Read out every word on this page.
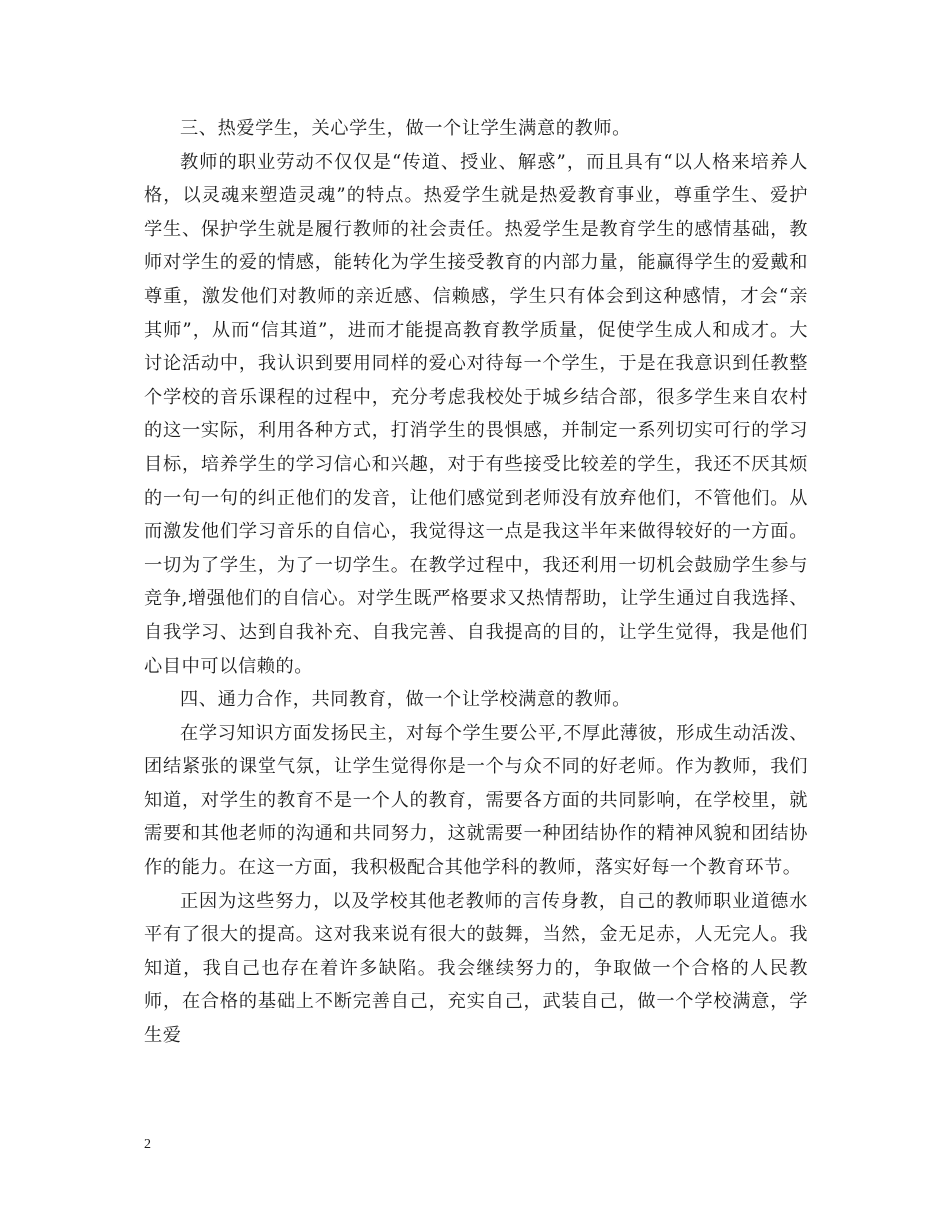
三、热爱学生，关心学生，做一个让学生满意的教师。

教师的职业劳动不仅仅是“传道、授业、解惑”，而且具有“以人格来培养人格，以灵魂来塑造灵魂”的特点。热爱学生就是热爱教育事业，尊重学生、爱护学生、保护学生就是履行教师的社会责任。热爱学生是教育学生的感情基础，教师对学生的爱的情感，能转化为学生接受教育的内部力量，能赢得学生的爱戴和尊重，激发他们对教师的亲近感、信赖感，学生只有体会到这种感情，才会“亲其师”，从而“信其道”，进而才能提高教育教学质量，促使学生成人和成才。大讨论活动中，我认识到要用同样的爱心对待每一个学生，于是在我意识到任教整个学校的音乐课程的过程中，充分考虑我校处于城乡结合部，很多学生来自农村的这一实际，利用各种方式，打消学生的畏惧感，并制定一系列切实可行的学习目标，培养学生的学习信心和兴趣，对于有些接受比较差的学生，我还不厌其烦的一句一句的纠正他们的发音，让他们感觉到老师没有放弃他们，不管他们。从而激发他们学习音乐的自信心，我觉得这一点是我这半年来做得较好的一方面。一切为了学生，为了一切学生。在教学过程中，我还利用一切机会鼓励学生参与竞争,增强他们的自信心。对学生既严格要求又热情帮助，让学生通过自我选择、自我学习、达到自我补充、自我完善、自我提高的目的，让学生觉得，我是他们心目中可以信赖的。

四、通力合作，共同教育，做一个让学校满意的教师。

在学习知识方面发扬民主，对每个学生要公平,不厚此薄彼，形成生动活泼、团结紧张的课堂气氛，让学生觉得你是一个与众不同的好老师。作为教师，我们知道，对学生的教育不是一个人的教育，需要各方面的共同影响，在学校里，就需要和其他老师的沟通和共同努力，这就需要一种团结协作的精神风貌和团结协作的能力。在这一方面，我积极配合其他学科的教师，落实好每一个教育环节。

正因为这些努力，以及学校其他老教师的言传身教，自己的教师职业道德水平有了很大的提高。这对我来说有很大的鼓舞，当然，金无足赤，人无完人。我知道，我自己也存在着许多缺陷。我会继续努力的，争取做一个合格的人民教师，在合格的基础上不断完善自己，充实自己，武装自己，做一个学校满意，学生爱

2
